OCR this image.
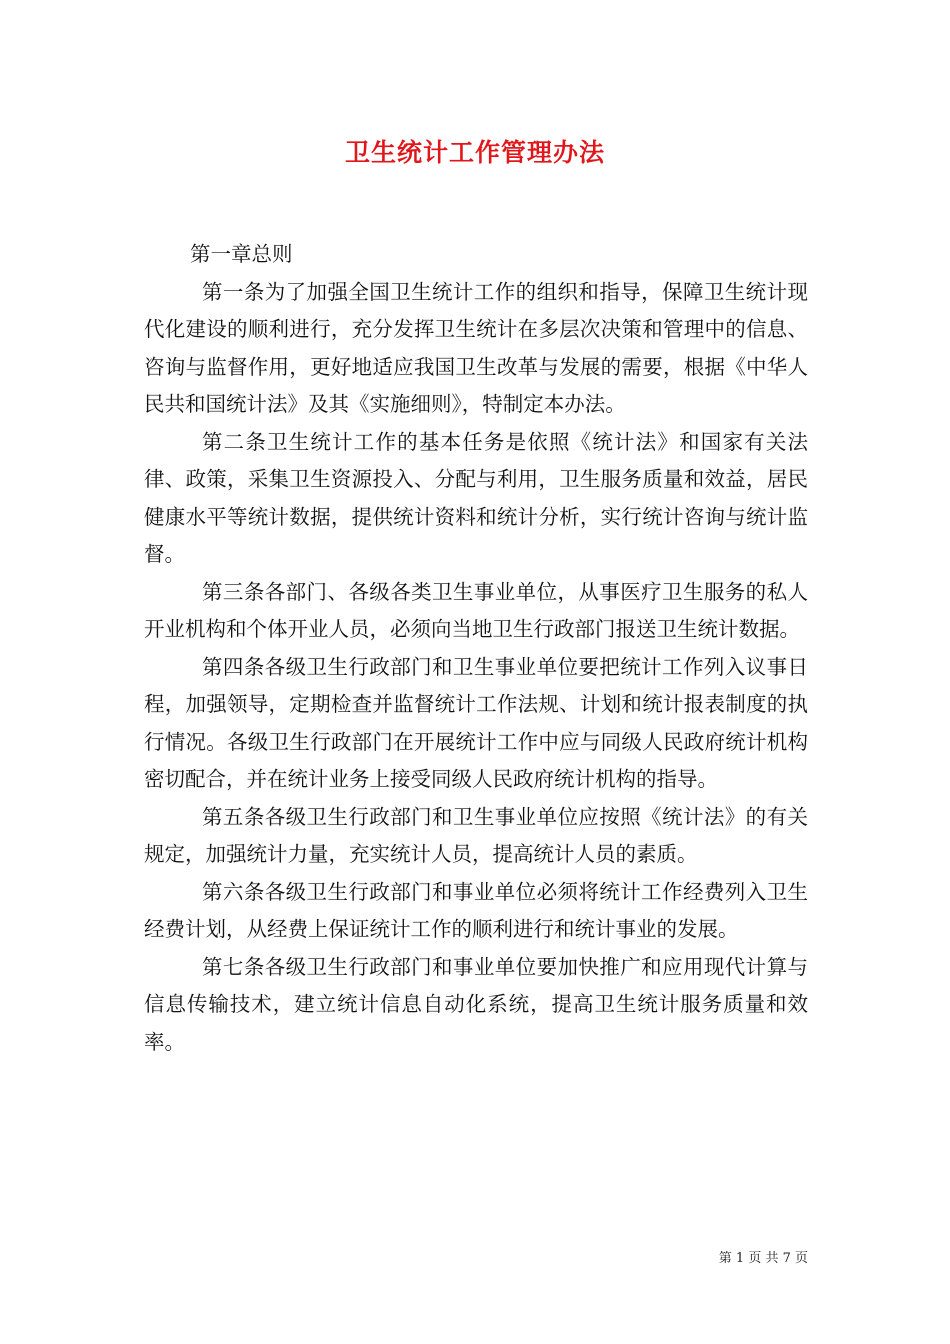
卫生统计工作管理办法

第一章总则

第一条为了加强全国卫生统计工作的组织和指导，保障卫生统计现代化建设的顺利进行，充分发挥卫生统计在多层次决策和管理中的信息、咨询与监督作用，更好地适应我国卫生改革与发展的需要，根据《中华人民共和国统计法》及其《实施细则》，特制定本办法。

第二条卫生统计工作的基本任务是依照《统计法》和国家有关法律、政策，采集卫生资源投入、分配与利用，卫生服务质量和效益，居民健康水平等统计数据，提供统计资料和统计分析，实行统计咨询与统计监督。

第三条各部门、各级各类卫生事业单位，从事医疗卫生服务的私人开业机构和个体开业人员，必须向当地卫生行政部门报送卫生统计数据。

第四条各级卫生行政部门和卫生事业单位要把统计工作列入议事日程，加强领导，定期检查并监督统计工作法规、计划和统计报表制度的执行情况。各级卫生行政部门在开展统计工作中应与同级人民政府统计机构密切配合，并在统计业务上接受同级人民政府统计机构的指导。

第五条各级卫生行政部门和卫生事业单位应按照《统计法》的有关规定，加强统计力量，充实统计人员，提高统计人员的素质。

第六条各级卫生行政部门和事业单位必须将统计工作经费列入卫生经费计划，从经费上保证统计工作的顺利进行和统计事业的发展。

第七条各级卫生行政部门和事业单位要加快推广和应用现代计算与信息传输技术，建立统计信息自动化系统，提高卫生统计服务质量和效率。

第 1 页 共 7 页
